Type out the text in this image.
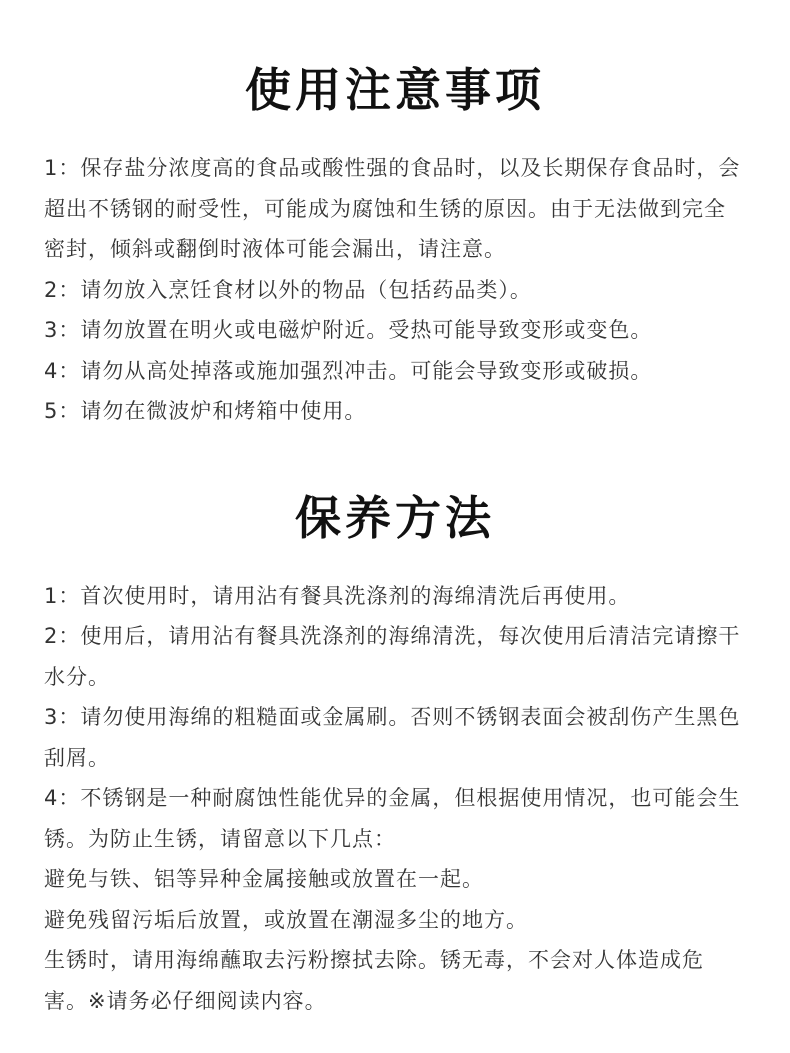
使用注意事项

1：保存盐分浓度高的食品或酸性强的食品时，以及长期保存食品时，会超出不锈钢的耐受性，可能成为腐蚀和生锈的原因。由于无法做到完全密封，倾斜或翻倒时液体可能会漏出，请注意。

2：请勿放入烹饪食材以外的物品（包括药品类）。

3：请勿放置在明火或电磁炉附近。受热可能导致变形或变色。

4：请勿从高处掉落或施加强烈冲击。可能会导致变形或破损。

5：请勿在微波炉和烤箱中使用。

保养方法

1：首次使用时，请用沾有餐具洗涤剂的海绵清洗后再使用。

2：使用后，请用沾有餐具洗涤剂的海绵清洗，每次使用后清洁完请擦干水分。

3：请勿使用海绵的粗糙面或金属刷。否则不锈钢表面会被刮伤产生黑色刮屑。

4：不锈钢是一种耐腐蚀性能优异的金属，但根据使用情况，也可能会生锈。为防止生锈，请留意以下几点：

避免与铁、铝等异种金属接触或放置在一起。

避免残留污垢后放置，或放置在潮湿多尘的地方。

生锈时，请用海绵蘸取去污粉擦拭去除。锈无毒，不会对人体造成危害。※请务必仔细阅读内容。
